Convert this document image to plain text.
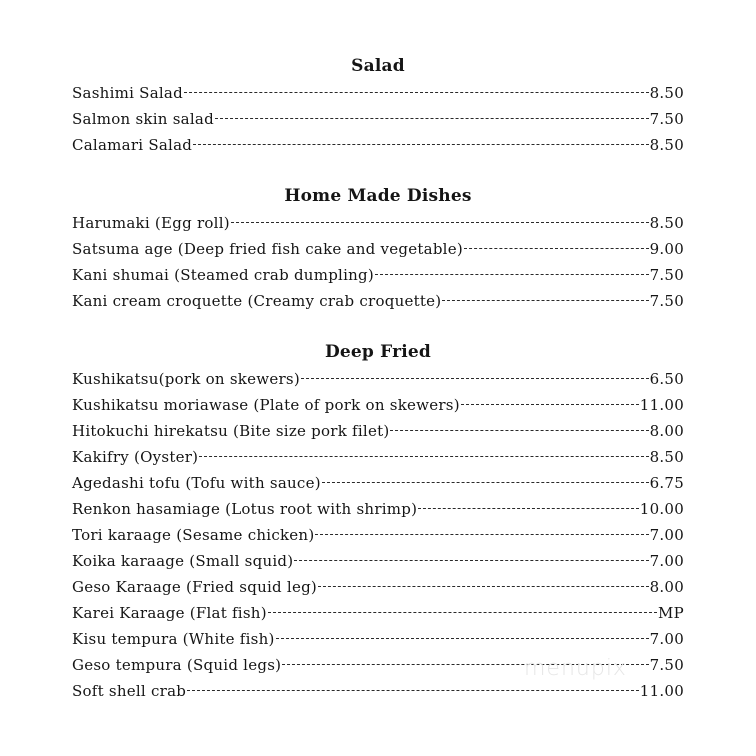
Salad
Sashimi Salad	8.50
Salmon skin salad	7.50
Calamari Salad	8.50
Home Made Dishes
Harumaki (Egg roll)	8.50
Satsuma age (Deep fried fish cake and vegetable)	9.00
Kani shumai (Steamed crab dumpling)	7.50
Kani cream croquette (Creamy crab croquette)	7.50
Deep Fried
Kushikatsu(pork on skewers)	6.50
Kushikatsu moriawase (Plate of pork on skewers)	11.00
Hitokuchi hirekatsu (Bite size pork filet)	8.00
Kakifry (Oyster)	8.50
Agedashi tofu (Tofu with sauce)	6.75
Renkon hasamiage (Lotus root with shrimp)	10.00
Tori karaage (Sesame chicken)	7.00
Koika karaage (Small squid)	7.00
Geso Karaage (Fried squid leg)	8.00
Karei Karaage (Flat fish)	MP
Kisu tempura (White fish)	7.00
Geso tempura (Squid legs)	7.50
Soft shell crab	11.00
menupix
